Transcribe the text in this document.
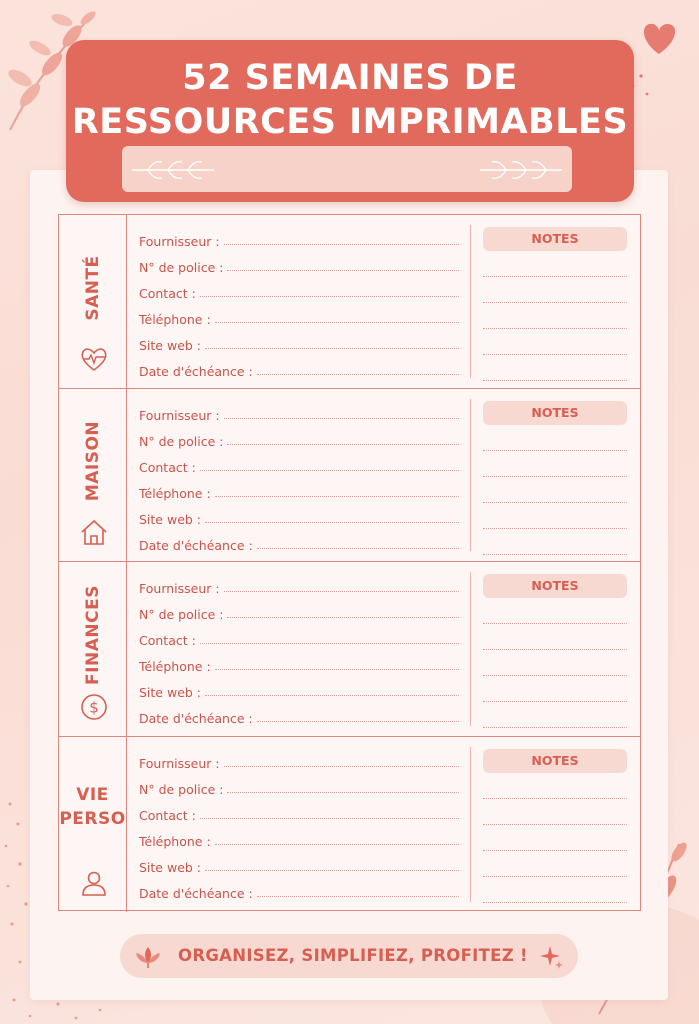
52 SEMAINES DE
RESSOURCES IMPRIMABLES
SANTÉ
Fournisseur :
N° de police :
Contact :
Téléphone :
Site web :
Date d'échéance :
NOTES
MAISON
Fournisseur :
N° de police :
Contact :
Téléphone :
Site web :
Date d'échéance :
NOTES
FINANCES
$
Fournisseur :
N° de police :
Contact :
Téléphone :
Site web :
Date d'échéance :
NOTES
VIE
PERSO
Fournisseur :
N° de police :
Contact :
Téléphone :
Site web :
Date d'échéance :
NOTES
ORGANISEZ, SIMPLIFIEZ, PROFITEZ !
